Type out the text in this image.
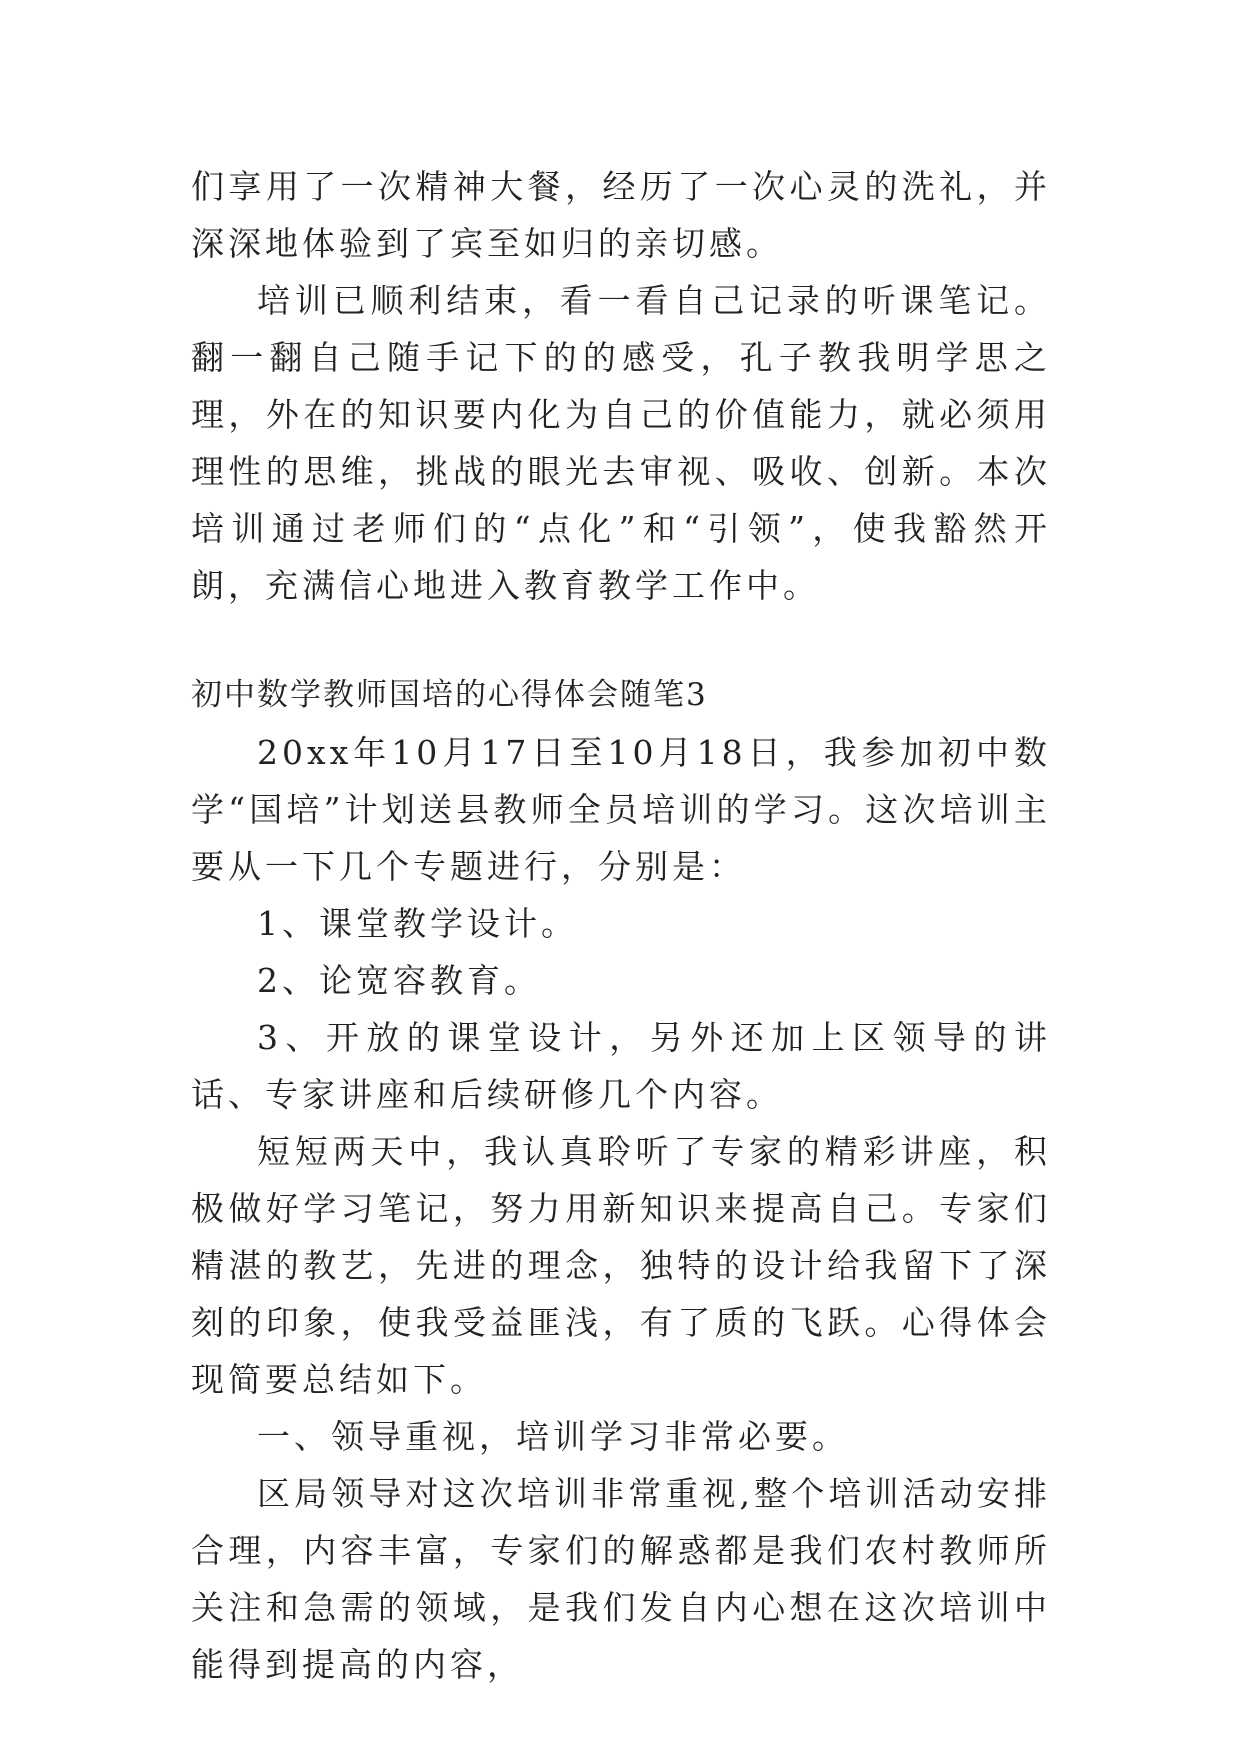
们享用了一次精神大餐，经历了一次心灵的洗礼，并深深地体验到了宾至如归的亲切感。

培训已顺利结束，看一看自己记录的听课笔记。翻一翻自己随手记下的的感受，孔子教我明学思之理，外在的知识要内化为自己的价值能力，就必须用理性的思维，挑战的眼光去审视、吸收、创新。本次培训通过老师们的“点化”和“引领”，使我豁然开朗，充满信心地进入教育教学工作中。

初中数学教师国培的心得体会随笔3

20xx年10月17日至10月18日，我参加初中数学“国培”计划送县教师全员培训的学习。这次培训主要从一下几个专题进行，分别是：

1、课堂教学设计。

2、论宽容教育。

3、开放的课堂设计，另外还加上区领导的讲话、专家讲座和后续研修几个内容。

短短两天中，我认真聆听了专家的精彩讲座，积极做好学习笔记，努力用新知识来提高自己。专家们精湛的教艺，先进的理念，独特的设计给我留下了深刻的印象，使我受益匪浅，有了质的飞跃。心得体会现简要总结如下。

一、领导重视，培训学习非常必要。

区局领导对这次培训非常重视,整个培训活动安排合理，内容丰富，专家们的解惑都是我们农村教师所关注和急需的领域，是我们发自内心想在这次培训中能得到提高的内容，
